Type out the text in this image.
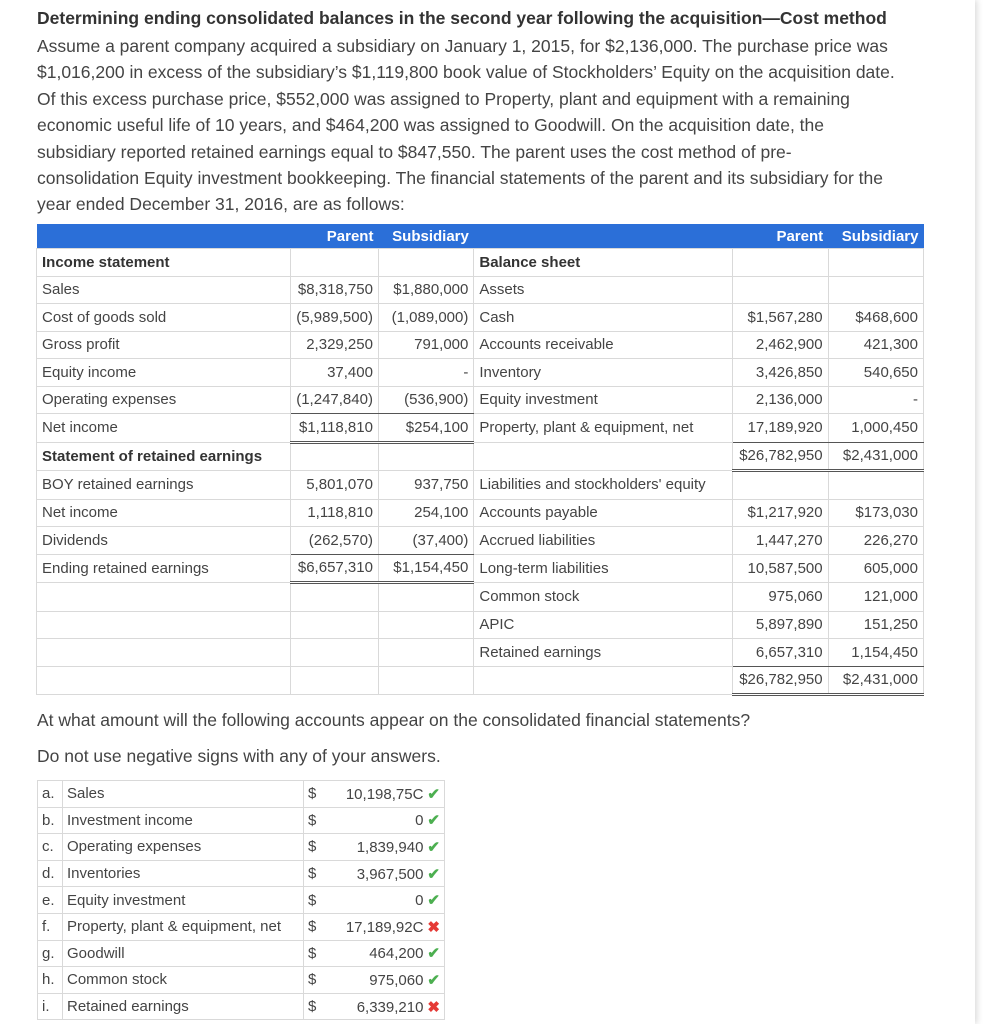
Determining ending consolidated balances in the second year following the acquisition—Cost method

Assume a parent company acquired a subsidiary on January 1, 2015, for $2,136,000. The purchase price was

$1,016,200 in excess of the subsidiary’s $1,119,800 book value of Stockholders’ Equity on the acquisition date.

Of this excess purchase price, $552,000 was assigned to Property, plant and equipment with a remaining

economic useful life of 10 years, and $464,200 was assigned to Goodwill. On the acquisition date, the

subsidiary reported retained earnings equal to $847,550. The parent uses the cost method of pre-

consolidation Equity investment bookkeeping. The financial statements of the parent and its subsidiary for the

year ended December 31, 2016, are as follows:

	Parent	Subsidiary		Parent	Subsidiary
Income statement			Balance sheet		
Sales	$8,318,750	$1,880,000	Assets		
Cost of goods sold	(5,989,500)	(1,089,000)	Cash	$1,567,280	$468,600
Gross profit	2,329,250	791,000	Accounts receivable	2,462,900	421,300
Equity income	37,400	-	Inventory	3,426,850	540,650
Operating expenses	(1,247,840)	(536,900)	Equity investment	2,136,000	-
Net income	$1,118,810	$254,100	Property, plant & equipment, net	17,189,920	1,000,450
Statement of retained earnings				$26,782,950	$2,431,000
BOY retained earnings	5,801,070	937,750	Liabilities and stockholders' equity		
Net income	1,118,810	254,100	Accounts payable	$1,217,920	$173,030
Dividends	(262,570)	(37,400)	Accrued liabilities	1,447,270	226,270
Ending retained earnings	$6,657,310	$1,154,450	Long-term liabilities	10,587,500	605,000
			Common stock	975,060	121,000
			APIC	5,897,890	151,250
			Retained earnings	6,657,310	1,154,450
				$26,782,950	$2,431,000
At what amount will the following accounts appear on the consolidated financial statements?
Do not use negative signs with any of your answers.
a.	Sales	$	10,198,75C ✔
b.	Investment income	$	0 ✔
c.	Operating expenses	$	1,839,940 ✔
d.	Inventories	$	3,967,500 ✔
e.	Equity investment	$	0 ✔
f.	Property, plant & equipment, net	$	17,189,92C ✖
g.	Goodwill	$	464,200 ✔
h.	Common stock	$	975,060 ✔
i.	Retained earnings	$	6,339,210 ✖
